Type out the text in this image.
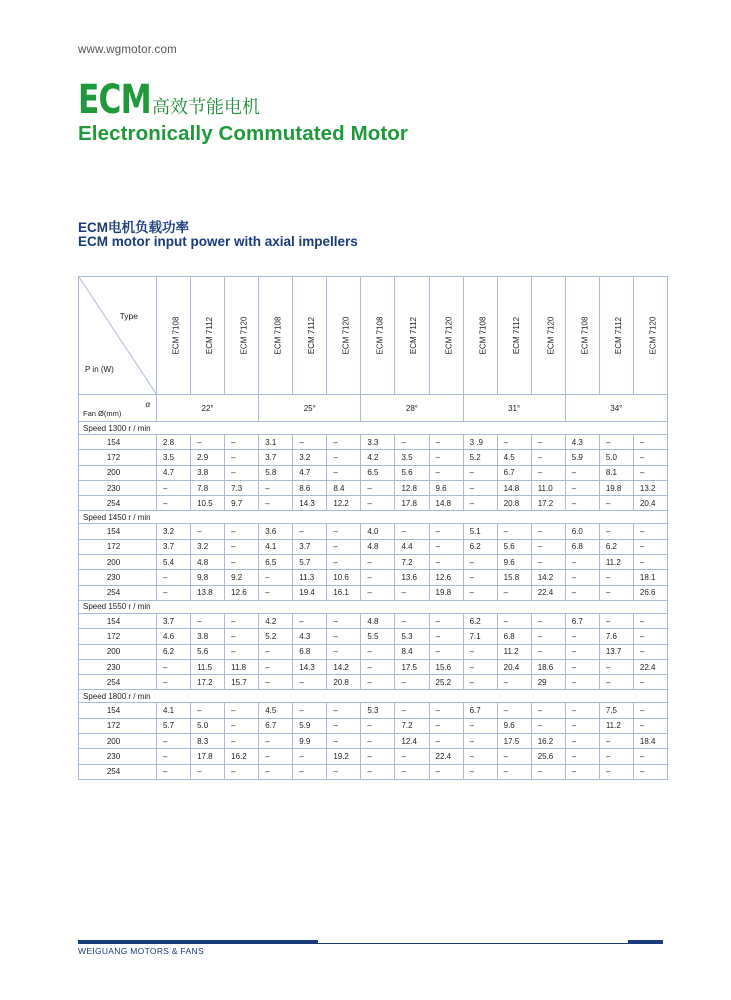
www.wgmotor.com
ECM 高效节能电机
Electronically Commutated Motor
ECM电机负载功率
ECM motor input power with axial impellers
Type
P in (W)	ECM 7108	ECM 7112	ECM 7120	ECM 7108	ECM 7112	ECM 7120	ECM 7108	ECM 7112	ECM 7120	ECM 7108	ECM 7112	ECM 7120	ECM 7108	ECM 7112	ECM 7120

α
Fan Ø(mm)	22°			25°			28°			31°			34°		
Speed 1300 r / min															
154	2.8	–	–	3.1	–	–	3.3	–	–	3 .9	–	–	4.3	–	–
172	3.5	2.9	–	3.7	3.2	–	4.2	3.5	–	5.2	4.5	–	5.9	5.0	–
200	4.7	3.8	–	5.8	4.7	–	6.5	5.6	–	–	6.7	–	–	8.1	–
230	–	7.8	7.3	–	8.6	8.4	–	12.8	9.6	–	14.8	11.0	–	19.8	13.2
254	–	10.5	9.7	–	14.3	12.2	–	17.8	14.8	–	20.8	17.2	–	–	20.4
Speed 1450 r / min															
154	3.2	–	–	3.6	–	–	4.0	–	–	5.1	–	–	6.0	–	–
172	3.7	3.2	–	4.1	3.7	–	4.8	4.4	–	6.2	5.6	–	6.8	6.2	–
200	5.4	4.8	–	6.5	5.7	–	–	7.2	–	–	9.6	–	–	11.2	–
230	–	9.8	9.2	–	11.3	10.6	–	13.6	12.6	–	15.8	14.2	–	–	18.1
254	–	13.8	12.6	–	19.4	16.1	–	–	19.8	–	–	22.4	–	–	26.6
Speed 1550 r / min															
154	3.7	–	–	4.2	–	–	4.8	–	–	6.2	–	–	6.7	–	–
172	4.6	3.8	–	5.2	4.3	–	5.5	5.3	–	7.1	6.8	–	–	7.6	–
200	6.2	5.6	–	–	6.8	–	–	8.4	–	–	11.2	–	–	13.7	–
230	–	11.5	11.8	–	14.3	14.2	–	17.5	15.6	–	20.4	18.6	–	–	22.4
254	–	17.2	15.7	–	–	20.8	–	–	25.2	–	–	29	–	–	–
Speed 1800 r / min															
154	4.1	–	–	4.5	–	–	5.3	–	–	6.7	–	–	–	7.5	–
172	5.7	5.0	–	6.7	5.9	–	–	7.2	–	–	9.6	–	–	11.2	–
200	–	8.3	–	–	9.9	–	–	12.4	–	–	17.5	16.2	–	–	18.4
230	–	17.8	16.2	–	–	19.2	–	–	22.4	–	–	25.6	–	–	–
254	–	–	–	–	–	–	–	–	–	–	–	–	–	–	–
WEIGUANG MOTORS & FANS
